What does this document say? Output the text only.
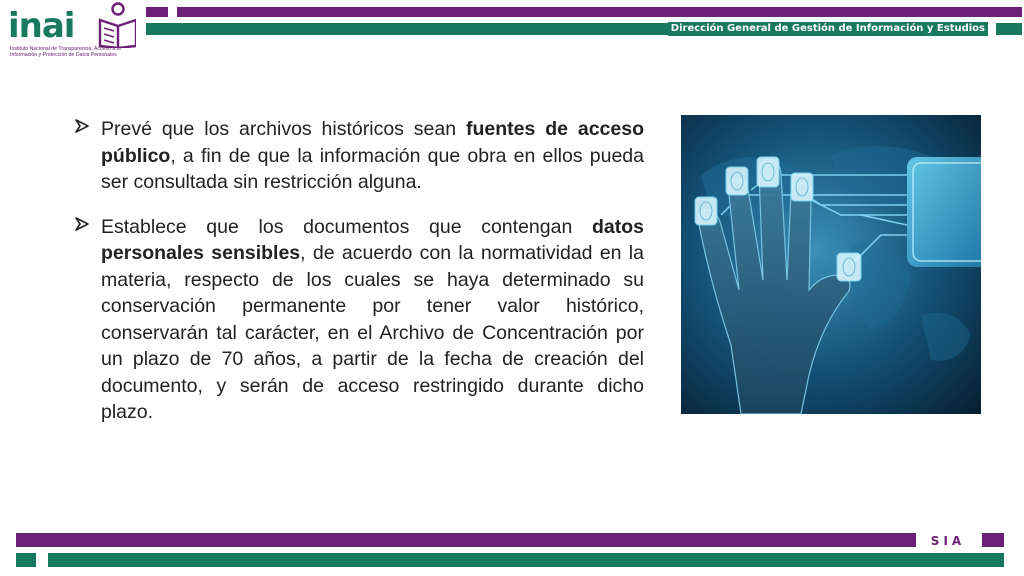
Dirección General de Gestión de Información y Estudios
inai
Instituto Nacional de Transparencia, Acceso a la Información y Protección de Datos Personales
Prevé que los archivos históricos sean fuentes de acceso público, a fin de que la información que obra en ellos pueda ser consultada sin restricción alguna.
Establece que los documentos que contengan datos personales sensibles, de acuerdo con la normatividad en la materia, respecto de los cuales se haya determinado su conservación permanente por tener valor histórico, conservarán tal carácter, en el Archivo de Concentración por un plazo de 70 años, a partir de la fecha de creación del documento, y serán de acceso restringido durante dicho plazo.
SIA
